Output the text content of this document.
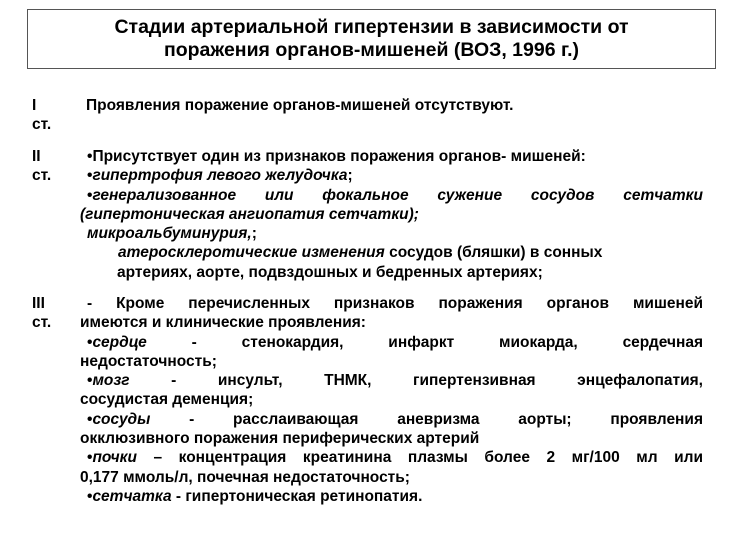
Стадии артериальной гипертензии в зависимости от
поражения органов-мишеней (ВОЗ, 1996 г.)
I
ст.
Проявления поражение органов-мишеней отсутствуют.
II
ст.
•Присутствует один из признаков поражения органов- мишеней:
•гипертрофия левого желудочка;
•генерализованное или фокальное сужение сосудов сетчатки
(гипертоническая ангиопатия сетчатки);
микроальбуминурия,;
атеросклеротические изменения сосудов (бляшки) в сонных
артериях, аорте, подвздошных и бедренных артериях;
III
ст.
- Кроме перечисленных признаков поражения органов мишеней
имеются и клинические проявления:
•сердце - стенокардия, инфаркт миокарда, сердечная
недостаточность;
•мозг - инсульт, ТНМК, гипертензивная энцефалопатия,
сосудистая деменция;
•сосуды - расслаивающая аневризма аорты; проявления
окклюзивного поражения периферических артерий
•почки – концентрация креатинина плазмы более 2 мг/100 мл или
0,177 ммоль/л, почечная недостаточность;
•сетчатка - гипертоническая ретинопатия.
